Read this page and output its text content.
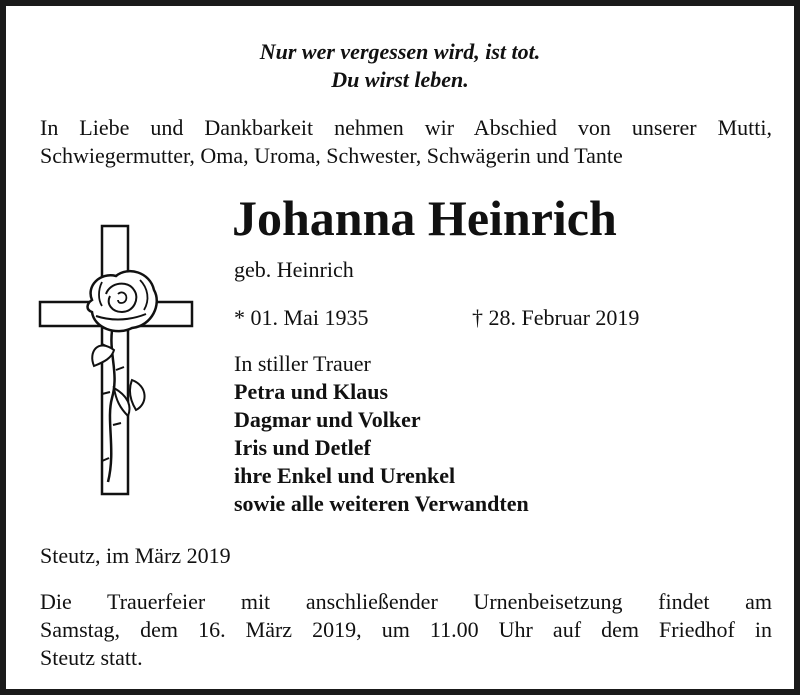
Nur wer vergessen wird, ist tot.
Du wirst leben.
In Liebe und Dankbarkeit nehmen wir Abschied von unserer Mutti,
Schwiegermutter, Oma, Uroma, Schwester, Schwägerin und Tante
Johanna Heinrich
geb. Heinrich
* 01. Mai 1935	† 28. Februar 2019
In stiller Trauer
Petra und Klaus
Dagmar und Volker
Iris und Detlef
ihre Enkel und Urenkel
sowie alle weiteren Verwandten
Steutz, im März 2019
Die Trauerfeier mit anschließender Urnenbeisetzung findet am
Samstag, dem 16. März 2019, um 11.00 Uhr auf dem Friedhof in
Steutz statt.
